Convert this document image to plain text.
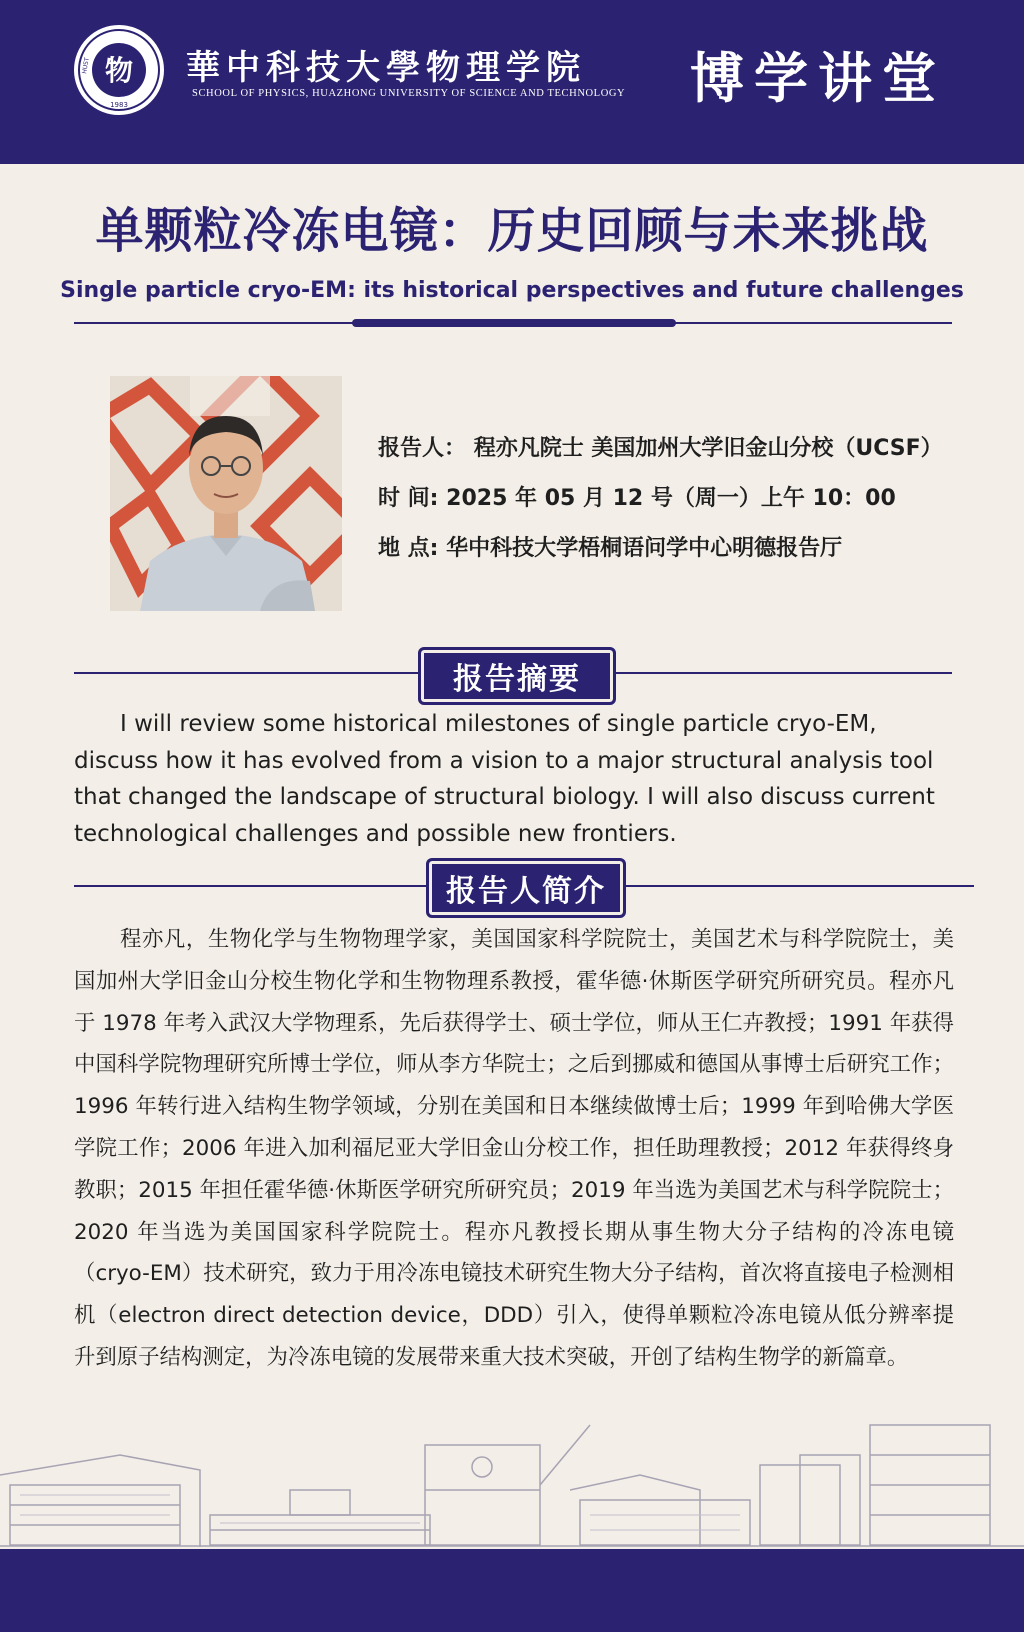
物
1983
HUST	華中科技大學物理学院
SCHOOL OF PHYSICS, HUAZHONG UNIVERSITY OF SCIENCE AND TECHNOLOGY 博学讲堂
单颗粒冷冻电镜：历史回顾与未来挑战
Single particle cryo-EM: its historical perspectives and future challenges
报告人： 程亦凡院士 美国加州大学旧金山分校（UCSF）
时 间: 2025 年 05 月 12 号（周一）上午 10：00
地 点: 华中科技大学梧桐语问学中心明德报告厅
报告摘要

I will review some historical milestones of single particle cryo-EM, discuss how it has evolved from a vision to a major structural analysis tool that changed the landscape of structural biology. I will also discuss current technological challenges and possible new frontiers.

报告人简介

程亦凡，生物化学与生物物理学家，美国国家科学院院士，美国艺术与科学院院士，美国加州大学旧金山分校生物化学和生物物理系教授，霍华德·休斯医学研究所研究员。程亦凡于 1978 年考入武汉大学物理系，先后获得学士、硕士学位，师从王仁卉教授；1991 年获得中国科学院物理研究所博士学位，师从李方华院士；之后到挪威和德国从事博士后研究工作；1996 年转行进入结构生物学领域，分别在美国和日本继续做博士后；1999 年到哈佛大学医学院工作；2006 年进入加利福尼亚大学旧金山分校工作，担任助理教授；2012 年获得终身教职；2015 年担任霍华德·休斯医学研究所研究员；2019 年当选为美国艺术与科学院院士；2020 年当选为美国国家科学院院士。程亦凡教授长期从事生物大分子结构的冷冻电镜（cryo-EM）技术研究，致力于用冷冻电镜技术研究生物大分子结构，首次将直接电子检测相机（electron direct detection device，DDD）引入，使得单颗粒冷冻电镜从低分辨率提升到原子结构测定，为冷冻电镜的发展带来重大技术突破，开创了结构生物学的新篇章。
